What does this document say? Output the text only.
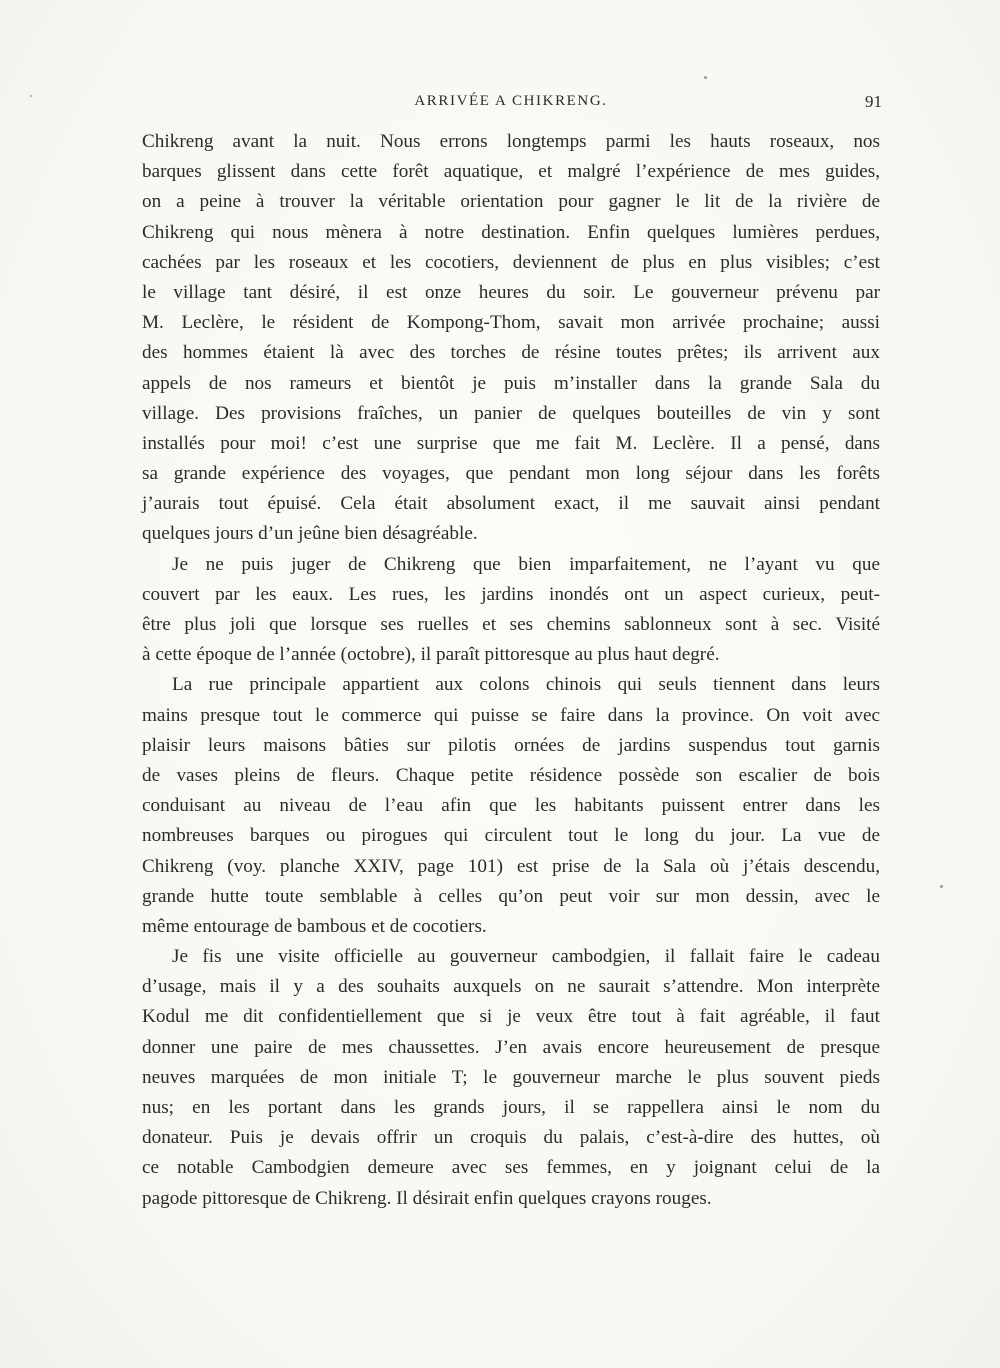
ARRIVÉE A CHIKRENG.	91
Chikreng avant la nuit. Nous errons longtemps parmi les hauts roseaux, nos
barques glissent dans cette forêt aquatique, et malgré l’expérience de mes guides,
on a peine à trouver la véritable orientation pour gagner le lit de la rivière de
Chikreng qui nous mènera à notre destination. Enfin quelques lumières perdues,
cachées par les roseaux et les cocotiers, deviennent de plus en plus visibles; c’est
le village tant désiré, il est onze heures du soir. Le gouverneur prévenu par
M. Leclère, le résident de Kompong-Thom, savait mon arrivée prochaine; aussi
des hommes étaient là avec des torches de résine toutes prêtes; ils arrivent aux
appels de nos rameurs et bientôt je puis m’installer dans la grande Sala du
village. Des provisions fraîches, un panier de quelques bouteilles de vin y sont
installés pour moi! c’est une surprise que me fait M. Leclère. Il a pensé, dans
sa grande expérience des voyages, que pendant mon long séjour dans les forêts
j’aurais tout épuisé. Cela était absolument exact, il me sauvait ainsi pendant
quelques jours d’un jeûne bien désagréable.
Je ne puis juger de Chikreng que bien imparfaitement, ne l’ayant vu que
couvert par les eaux. Les rues, les jardins inondés ont un aspect curieux, peut-
être plus joli que lorsque ses ruelles et ses chemins sablonneux sont à sec. Visité
à cette époque de l’année (octobre), il paraît pittoresque au plus haut degré.
La rue principale appartient aux colons chinois qui seuls tiennent dans leurs
mains presque tout le commerce qui puisse se faire dans la province. On voit avec
plaisir leurs maisons bâties sur pilotis ornées de jardins suspendus tout garnis
de vases pleins de fleurs. Chaque petite résidence possède son escalier de bois
conduisant au niveau de l’eau afin que les habitants puissent entrer dans les
nombreuses barques ou pirogues qui circulent tout le long du jour. La vue de
Chikreng (voy. planche XXIV, page 101) est prise de la Sala où j’étais descendu,
grande hutte toute semblable à celles qu’on peut voir sur mon dessin, avec le
même entourage de bambous et de cocotiers.
Je fis une visite officielle au gouverneur cambodgien, il fallait faire le cadeau
d’usage, mais il y a des souhaits auxquels on ne saurait s’attendre. Mon interprète
Kodul me dit confidentiellement que si je veux être tout à fait agréable, il faut
donner une paire de mes chaussettes. J’en avais encore heureusement de presque
neuves marquées de mon initiale T; le gouverneur marche le plus souvent pieds
nus; en les portant dans les grands jours, il se rappellera ainsi le nom du
donateur. Puis je devais offrir un croquis du palais, c’est-à-dire des huttes, où
ce notable Cambodgien demeure avec ses femmes, en y joignant celui de la
pagode pittoresque de Chikreng. Il désirait enfin quelques crayons rouges.
